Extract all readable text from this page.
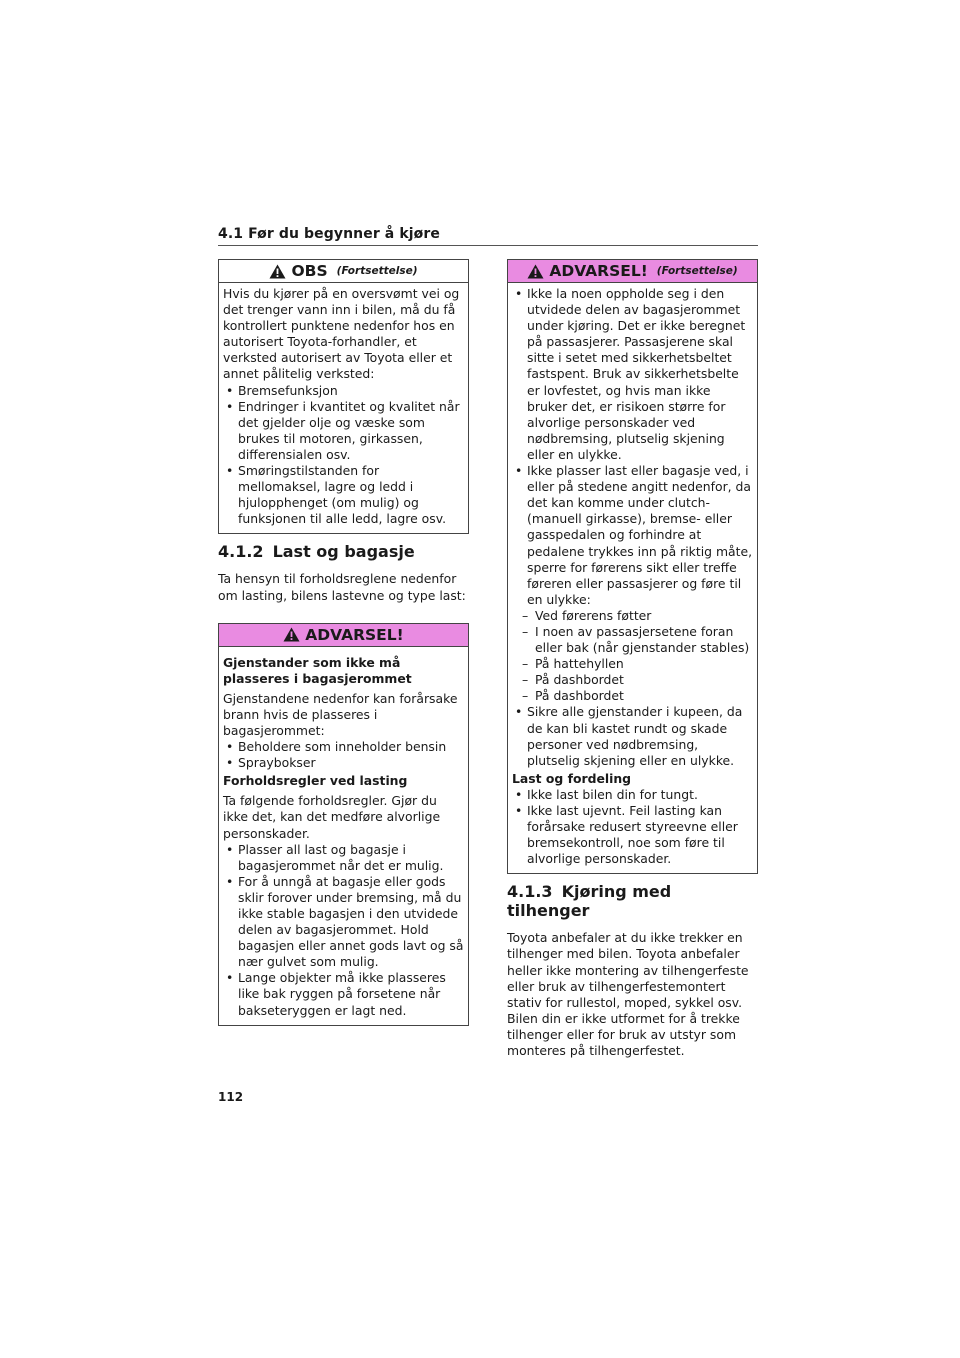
4.1 Før du begynner å kjøre
OBS (Fortsettelse)

Hvis du kjører på en oversvømt vei og det trenger vann inn i bilen, må du få kontrollert punktene nedenfor hos en autorisert Toyota-forhandler, et verksted autorisert av Toyota eller et annet pålitelig verksted:

• Bremsefunksjon
• Endringer i kvantitet og kvalitet når det gjelder olje og væske som brukes til motoren, girkassen, differensialen osv.
• Smøringstilstanden for mellomaksel, lagre og ledd i hjulopphenget (om mulig) og funksjonen til alle ledd, lagre osv.
4.1.2 Last og bagasje

Ta hensyn til forholdsreglene nedenfor om lasting, bilens lastevne og type last:

ADVARSEL!

Gjenstander som ikke må plasseres i bagasjerommet

Gjenstandene nedenfor kan forårsake brann hvis de plasseres i bagasjerommet:

• Beholdere som inneholder bensin
• Spraybokser

Forholdsregler ved lasting

Ta følgende forholdsregler. Gjør du ikke det, kan det medføre alvorlige personskader.

• Plasser all last og bagasje i bagasjerommet når det er mulig.
• For å unngå at bagasje eller gods sklir forover under bremsing, må du ikke stable bagasjen i den utvidede delen av bagasjerommet. Hold bagasjen eller annet gods lavt og så nær gulvet som mulig.
• Lange objekter må ikke plasseres like bak ryggen på forsetene når bakseteryggen er lagt ned.
ADVARSEL! (Fortsettelse)
• Ikke la noen oppholde seg i den utvidede delen av bagasjerommet under kjøring. Det er ikke beregnet på passasjerer. Passasjerene skal sitte i setet med sikkerhetsbeltet fastspent. Bruk av sikkerhetsbelte er lovfestet, og hvis man ikke bruker det, er risikoen større for alvorlige personskader ved nødbremsing, plutselig skjening eller en ulykke.
• Ikke plasser last eller bagasje ved, i eller på stedene angitt nedenfor, da det kan komme under clutch- (manuell girkasse), bremse- eller gasspedalen og forhindre at pedalene trykkes inn på riktig måte, sperre for førerens sikt eller treffe føreren eller passasjerer og føre til en ulykke:
– Ved førerens føtter
– I noen av passasjersetene foran eller bak (når gjenstander stables)
– På hattehyllen
– På dashbordet
– På dashbordet
• Sikre alle gjenstander i kupeen, da de kan bli kastet rundt og skade personer ved nødbremsing, plutselig skjening eller en ulykke.

Last og fordeling

• Ikke last bilen din for tungt.
• Ikke last ujevnt. Feil lasting kan forårsake redusert styreevne eller bremsekontroll, noe som føre til alvorlige personskader.
4.1.3 Kjøring med tilhenger

Toyota anbefaler at du ikke trekker en tilhenger med bilen. Toyota anbefaler heller ikke montering av tilhengerfeste eller bruk av tilhengerfestemontert stativ for rullestol, moped, sykkel osv. Bilen din er ikke utformet for å trekke tilhenger eller for bruk av utstyr som monteres på tilhengerfestet.

112
